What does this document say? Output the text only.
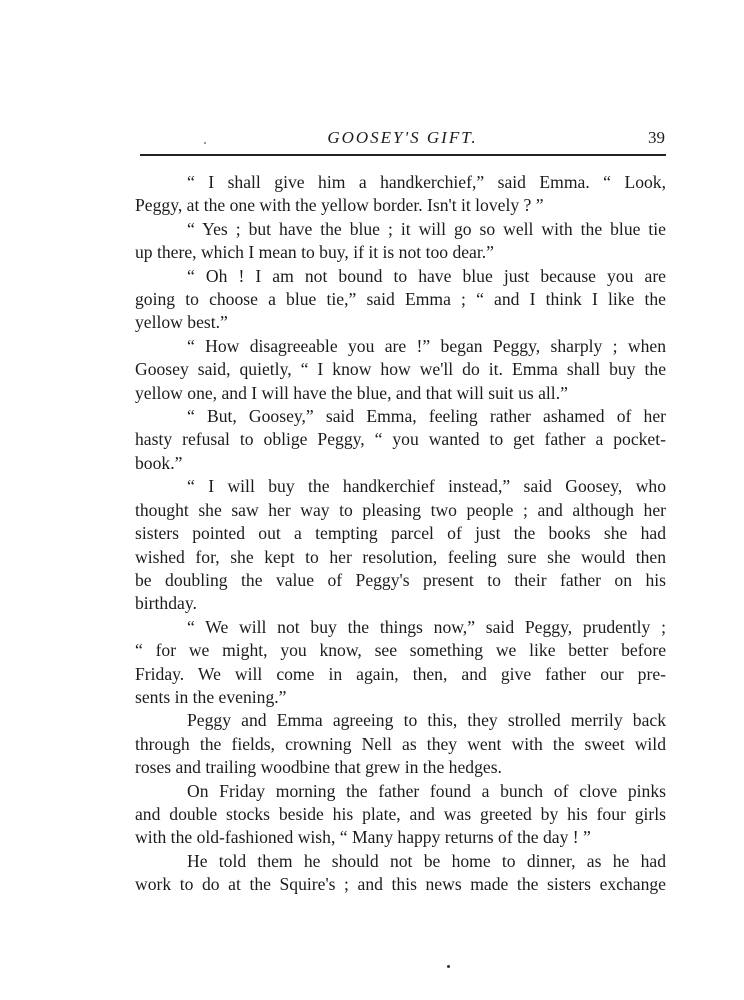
GOOSEY'S GIFT.	39

“ I shall give him a handkerchief,” said Emma. “ Look,
Peggy, at the one with the yellow border. Isn't it lovely ? ”

“ Yes ; but have the blue ; it will go so well with the blue tie
up there, which I mean to buy, if it is not too dear.”

“ Oh ! I am not bound to have blue just because you are
going to choose a blue tie,” said Emma ; “ and I think I like the
yellow best.”

“ How disagreeable you are !” began Peggy, sharply ; when
Goosey said, quietly, “ I know how we'll do it. Emma shall buy the
yellow one, and I will have the blue, and that will suit us all.”

“ But, Goosey,” said Emma, feeling rather ashamed of her
hasty refusal to oblige Peggy, “ you wanted to get father a pocket-
book.”

“ I will buy the handkerchief instead,” said Goosey, who
thought she saw her way to pleasing two people ; and although her
sisters pointed out a tempting parcel of just the books she had
wished for, she kept to her resolution, feeling sure she would then
be doubling the value of Peggy's present to their father on his
birthday.

“ We will not buy the things now,” said Peggy, prudently ;
“ for we might, you know, see something we like better before
Friday. We will come in again, then, and give father our pre-
sents in the evening.”

Peggy and Emma agreeing to this, they strolled merrily back
through the fields, crowning Nell as they went with the sweet wild
roses and trailing woodbine that grew in the hedges.

On Friday morning the father found a bunch of clove pinks
and double stocks beside his plate, and was greeted by his four girls
with the old-fashioned wish, “ Many happy returns of the day ! ”

He told them he should not be home to dinner, as he had
work to do at the Squire's ; and this news made the sisters exchange
